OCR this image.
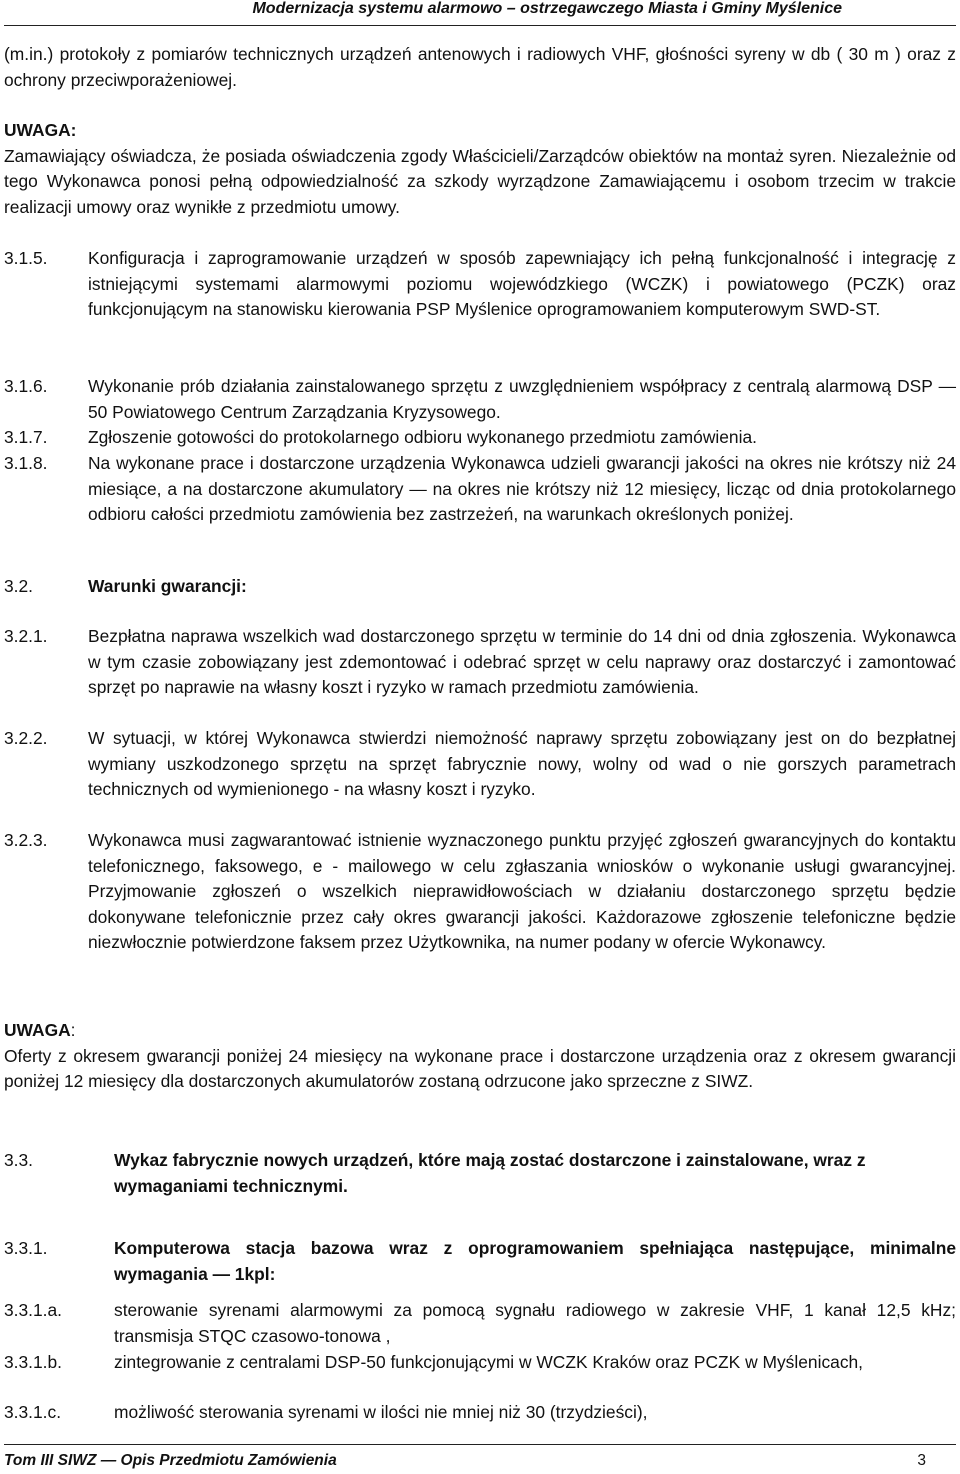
Modernizacja systemu alarmowo – ostrzegawczego Miasta i Gminy Myślenice

(m.in.) protokoły z pomiarów technicznych urządzeń antenowych i radiowych VHF, głośności syreny w db ( 30 m ) oraz z ochrony przeciwporażeniowej.

UWAGA:

Zamawiający oświadcza, że posiada oświadczenia zgody Właścicieli/Zarządców obiektów na montaż syren. Niezależnie od tego Wykonawca ponosi pełną odpowiedzialność za szkody wyrządzone Zamawiającemu i osobom trzecim w trakcie realizacji umowy oraz wynikłe z przedmiotu umowy.

3.1.5. Konfiguracja i zaprogramowanie urządzeń w sposób zapewniający ich pełną funkcjonalność i integrację z istniejącymi systemami alarmowymi poziomu wojewódzkiego (WCZK) i powiatowego (PCZK) oraz funkcjonującym na stanowisku kierowania PSP Myślenice oprogramowaniem komputerowym SWD-ST.
3.1.6. Wykonanie prób działania zainstalowanego sprzętu z uwzględnieniem współpracy z centralą alarmową DSP — 50 Powiatowego Centrum Zarządzania Kryzysowego.
3.1.7. Zgłoszenie gotowości do protokolarnego odbioru wykonanego przedmiotu zamówienia.
3.1.8. Na wykonane prace i dostarczone urządzenia Wykonawca udzieli gwarancji jakości na okres nie krótszy niż 24 miesiące, a na dostarczone akumulatory — na okres nie krótszy niż 12 miesięcy, licząc od dnia protokolarnego odbioru całości przedmiotu zamówienia bez zastrzeżeń, na warunkach określonych poniżej.
3.2.	Warunki gwarancji:
3.2.1. Bezpłatna naprawa wszelkich wad dostarczonego sprzętu w terminie do 14 dni od dnia zgłoszenia. Wykonawca w tym czasie zobowiązany jest zdemontować i odebrać sprzęt w celu naprawy oraz dostarczyć i zamontować sprzęt po naprawie na własny koszt i ryzyko w ramach przedmiotu zamówienia.
3.2.2. W sytuacji, w której Wykonawca stwierdzi niemożność naprawy sprzętu zobowiązany jest on do bezpłatnej wymiany uszkodzonego sprzętu na sprzęt fabrycznie nowy, wolny od wad o nie gorszych parametrach technicznych od wymienionego - na własny koszt i ryzyko.
3.2.3. Wykonawca musi zagwarantować istnienie wyznaczonego punktu przyjęć zgłoszeń gwarancyjnych do kontaktu telefonicznego, faksowego, e - mailowego w celu zgłaszania wniosków o wykonanie usługi gwarancyjnej. Przyjmowanie zgłoszeń o wszelkich nieprawidłowościach w działaniu dostarczonego sprzętu będzie dokonywane telefonicznie przez cały okres gwarancji jakości. Każdorazowe zgłoszenie telefoniczne będzie niezwłocznie potwierdzone faksem przez Użytkownika, na numer podany w ofercie Wykonawcy.

UWAGA:

Oferty z okresem gwarancji poniżej 24 miesięcy na wykonane prace i dostarczone urządzenia oraz z okresem gwarancji poniżej 12 miesięcy dla dostarczonych akumulatorów zostaną odrzucone jako sprzeczne z SIWZ.

3.3.	Wykaz fabrycznie nowych urządzeń, które mają zostać dostarczone i zainstalowane, wraz z wymaganiami technicznymi.
3.3.1.	Komputerowa stacja bazowa wraz z oprogramowaniem spełniająca następujące, minimalne wymagania — 1kpl:
3.3.1.a.	sterowanie syrenami alarmowymi za pomocą sygnału radiowego w zakresie VHF, 1 kanał 12,5 kHz; transmisja STQC czasowo-tonowa ,
3.3.1.b.	zintegrowanie z centralami DSP-50 funkcjonującymi w WCZK Kraków oraz PCZK w Myślenicach,
3.3.1.c.	możliwość sterowania syrenami w ilości nie mniej niż 30 (trzydzieści),
Tom III SIWZ — Opis Przedmiotu Zamówienia	3
